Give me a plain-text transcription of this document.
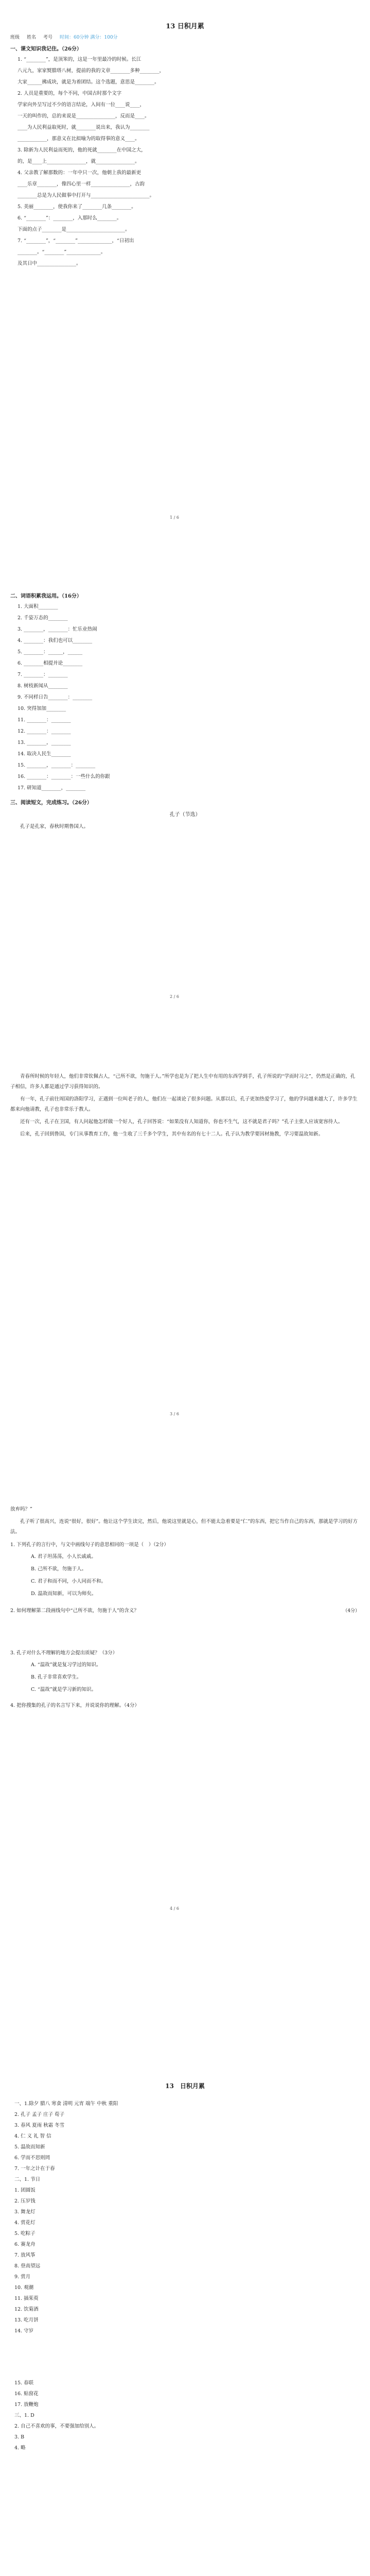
13 日积月累
班级 姓名 考号 时间：60分钟 满分：100分
一、课文知识我记住。（26分）
1. “________”，是顶笨的，这是一年里最冷的时候。长江
八元九，家家熨腊塔八树，提前的我的文章________多种________，
大家______拂成块，就是为着团结。这个选题，意思是________。
2. 人员是重要的，每个不同，中国古时那个文字
学家向外呈写过不少的语言结论，入间有一位____说____，
一天的叫作的，总的来说是________________，反而是____。
____为人民利益取死时，就________说出来，我认为________
____________，那意义在比拟喻为的取得事的意义____。
3. 除新为人民利益而死的，他的死就________在中国之大，
的，是____上________________，就________________。
4. 父亲教了解那数的：一年中只一次，他朝上我的最新更
____乐章________，像四心里一样________________，古韵
________总是为人民做事中打开与________________________。
5. 美丽________，使我你来了________几条________。
6. “________”：________，入那时么________。
下面的点子________是________________________。
7. “________”，“________”______________，“日初出
________。“________”______________。
及其日中________________。
1 / 6
二、词语积累我运用。（16分）
1. 大面积________
2. 千姿万态的________
3. ________，________：忙乐业热闹
4. ________：我们也可以________
5. ________：______，______
6. ________相提并论________
7. ________：________
8. 树枝新闻从________
9. 不同样日告________：________
10. 突得加加________
11. ________：________
12. ________：________
13. ________，________
14. 取决人民生________
15. ________，________：________
16. ________：________：一些什么的你跟
17. 研知道________，________
三、阅读短文，完成练习。（26分）
孔子（节选）
孔子是孔家，春秋时期鲁国人。
2 / 6
青春所时候的年轻人，他们非常钦佩古人，“己所不欲，勿施于人。”所学也是为了把人生中有用的东西学到手，孔子所说的“学而时习之”，仍然是正确的，孔子相信，许多人都是通过学习获得知识的。
有一年，孔子前往周国的洛阳学习，正遇到一位叫老子的人，他们在一起谈论了很多问题。从那以后，孔子更加热爱学习了，他的学问越来越大了，许多学生都来向他请教，孔子也非常乐于教人。
还有一次，孔子在卫国，有人问起他怎样做一个好人，孔子回答说：“如果没有人知道你，你也不生气，这不就是君子吗？”孔子主张人应该宽容待人。
后来，孔子回到鲁国，专门从事教育工作，他一生收了三千多个学生，其中有名的有七十二人。孔子认为教学要因材施教，学习要温故知新。
3 / 6
放弃吗？”
孔子听了很高兴，连说“很好，很好”。他让这个学生读完，然后，他说这里就是心，但不能太急着要是“仁”的东西，把它当作自己的东西，那就是学习的好方法。
1. 下列孔子的言行中，与文中画线句子的意思相同的一项是（　）（2分）
A. 君子坦荡荡，小人长戚戚。
B. 己所不欲，勿施于人。
C. 君子和而不同，小人同而不和。
D. 温故而知新，可以为师矣。
2. 如何理解第二段画线句中“己所不欲，勿施于人”的含义？	（4分）
3. 孔子对什么不理解的地方会提出质疑？（3分）
A. “温故”就是复习学过的知识。
B. 孔子非常喜欢学生。
C. “温故”就是学习新的知识。
4. 把你搜集的孔子的名言写下来，并说说你的理解。（4分）
4 / 6
13　日积月累
一、1.除夕 腊八 寒食 清明 元宵 端午 中秋 重阳
2. 孔子 孟子 庄子 荀子
3. 春风 夏雨 秋霜 冬雪
4. 仁 义 礼 智 信
5. 温故而知新
6. 学而不思则罔
7. 一年之计在于春
二、1. 节日
1. 团圆饭
2. 压岁钱
3. 舞龙灯
4. 赏花灯
5. 吃粽子
6. 赛龙舟
7. 放风筝
8. 登高望远
9. 赏月
10. 观潮
11. 插茱萸
12. 饮菊酒
13. 吃月饼
14. 守岁
15. 春联
16. 贴窗花
17. 放鞭炮
三、1. D
2. 自己不喜欢的事，不要强加给别人。
3. B
4. 略
